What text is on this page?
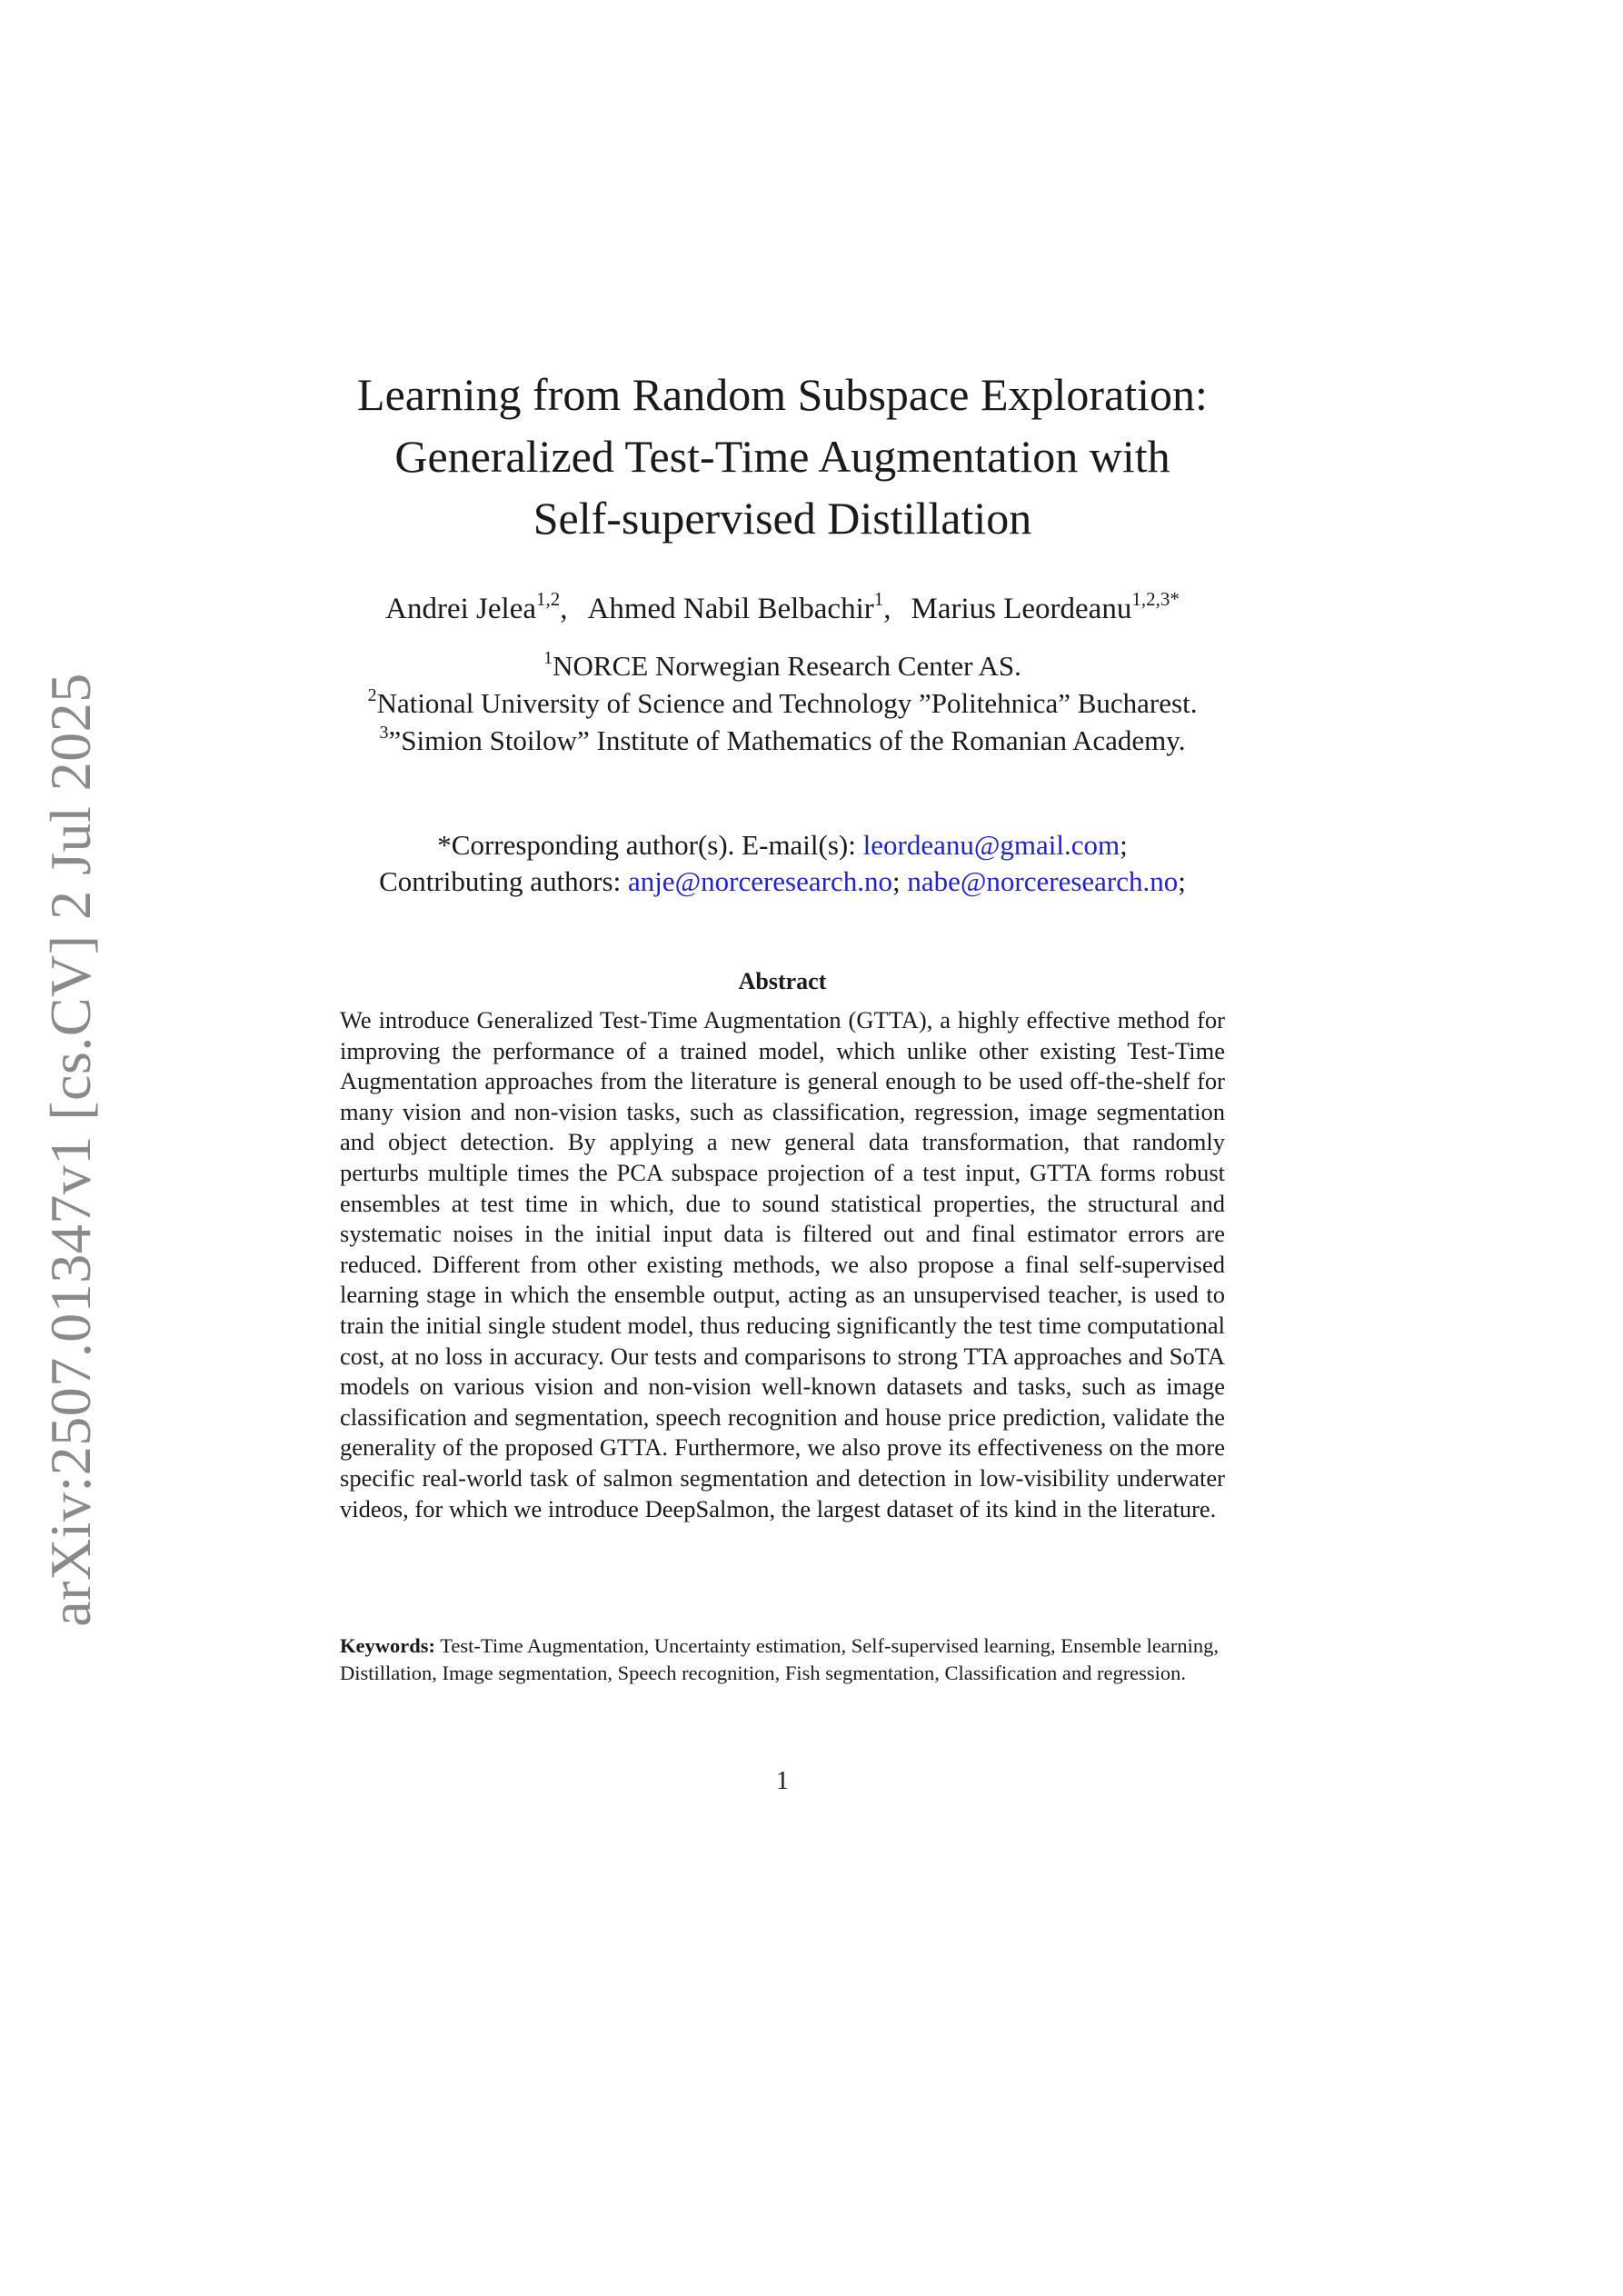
arXiv:2507.01347v1 [cs.CV] 2 Jul 2025
Learning from Random Subspace Exploration:
Generalized Test-Time Augmentation with
Self-supervised Distillation
Andrei Jelea$^{1,2}$, Ahmed Nabil Belbachir$^1$, Marius Leordeanu$^{1,2,3*}$
$^1$NORCE Norwegian Research Center AS.
$^2$National University of Science and Technology ”Politehnica” Bucharest.
$^3$”Simion Stoilow” Institute of Mathematics of the Romanian Academy.
*Corresponding author(s). E-mail(s): leordeanu@gmail.com;
Contributing authors: anje@norceresearch.no; nabe@norceresearch.no;
Abstract
We introduce Generalized Test-Time Augmentation (GTTA), a highly effective method for improving the performance of a trained model, which unlike other existing Test-Time Augmentation approaches from the literature is general enough to be used off-the-shelf for many vision and non-vision tasks, such as classification, regression, image segmentation and object detection. By applying a new general data transformation, that randomly perturbs multiple times the PCA subspace projection of a test input, GTTA forms robust ensembles at test time in which, due to sound statistical properties, the structural and systematic noises in the initial input data is filtered out and final estimator errors are reduced. Different from other existing methods, we also propose a final self-supervised learning stage in which the ensemble output, acting as an unsupervised teacher, is used to train the initial single student model, thus reducing significantly the test time computational cost, at no loss in accuracy. Our tests and comparisons to strong TTA approaches and SoTA models on various vision and non-vision well-known datasets and tasks, such as image classification and segmentation, speech recognition and house price prediction, validate the generality of the proposed GTTA. Furthermore, we also prove its effectiveness on the more specific real-world task of salmon segmentation and detection in low-visibility underwater videos, for which we introduce DeepSalmon, the largest dataset of its kind in the literature.
Keywords: Test-Time Augmentation, Uncertainty estimation, Self-supervised learning, Ensemble learning, Distillation, Image segmentation, Speech recognition, Fish segmentation, Classification and regression.
1
